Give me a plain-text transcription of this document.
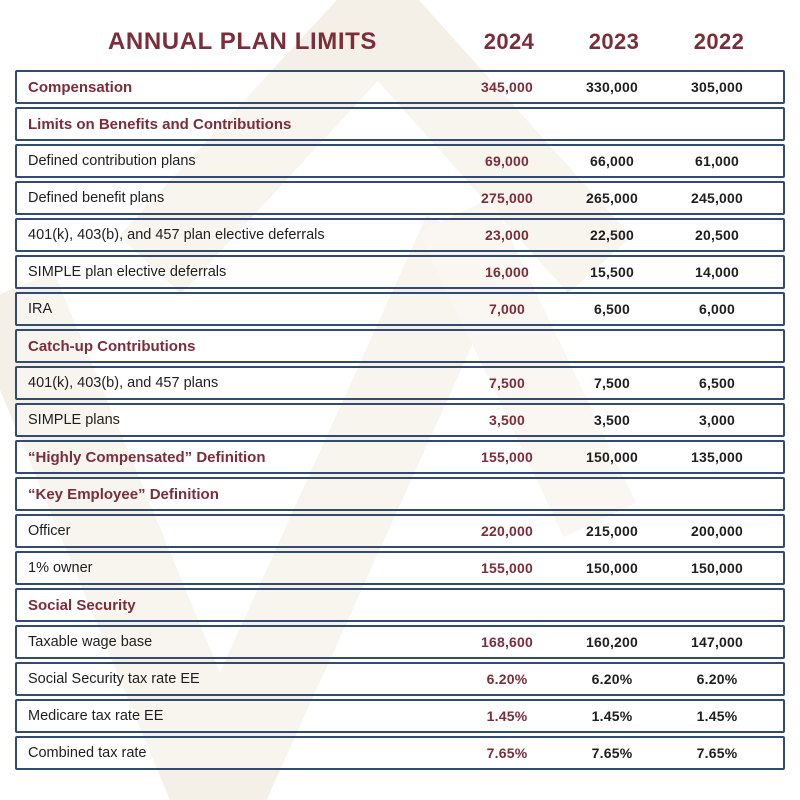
ANNUAL PLAN LIMITS	2024	2023	2022
Compensation	345,000	330,000	305,000
Limits on Benefits and Contributions
Defined contribution plans	69,000	66,000	61,000
Defined benefit plans	275,000	265,000	245,000
401(k), 403(b), and 457 plan elective deferrals	23,000	22,500	20,500
SIMPLE plan elective deferrals	16,000	15,500	14,000
IRA	7,000	6,500	6,000
Catch-up Contributions
401(k), 403(b), and 457 plans	7,500	7,500	6,500
SIMPLE plans	3,500	3,500	3,000
“Highly Compensated” Definition	155,000	150,000	135,000
“Key Employee” Definition
Officer	220,000	215,000	200,000
1% owner	155,000	150,000	150,000
Social Security
Taxable wage base	168,600	160,200	147,000
Social Security tax rate EE	6.20%	6.20%	6.20%
Medicare tax rate EE	1.45%	1.45%	1.45%
Combined tax rate	7.65%	7.65%	7.65%
